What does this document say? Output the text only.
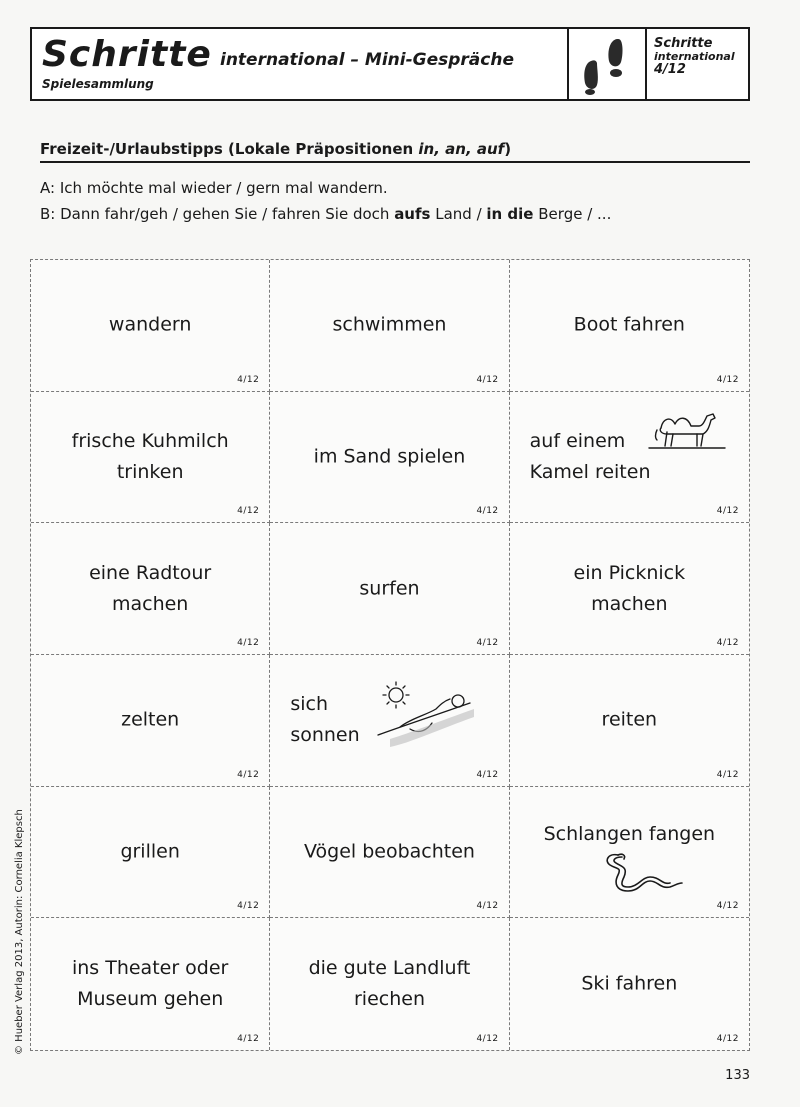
Schritte international – Mini-Gespräche
Spielesammlung
Schritte
international
4/12
Freizeit-/Urlaubstipps (Lokale Präpositionen in, an, auf)
A: Ich möchte mal wieder / gern mal wandern.
B: Dann fahr/geh / gehen Sie / fahren Sie doch aufs Land / in die Berge / ...
wandern
4/12
schwimmen
4/12
Boot fahren
4/12
frische Kuhmilch
trinken
4/12
im Sand spielen
4/12
auf einem
Kamel reiten
4/12
eine Radtour
machen
4/12
surfen
4/12
ein Picknick
machen
4/12
zelten
4/12
sich
sonnen
4/12
reiten
4/12
grillen
4/12
Vögel beobachten
4/12
Schlangen fangen
4/12
ins Theater oder
Museum gehen
4/12
die gute Landluft
riechen
4/12
Ski fahren
4/12
© Hueber Verlag 2013, Autorin: Cornelia Klepsch
133
